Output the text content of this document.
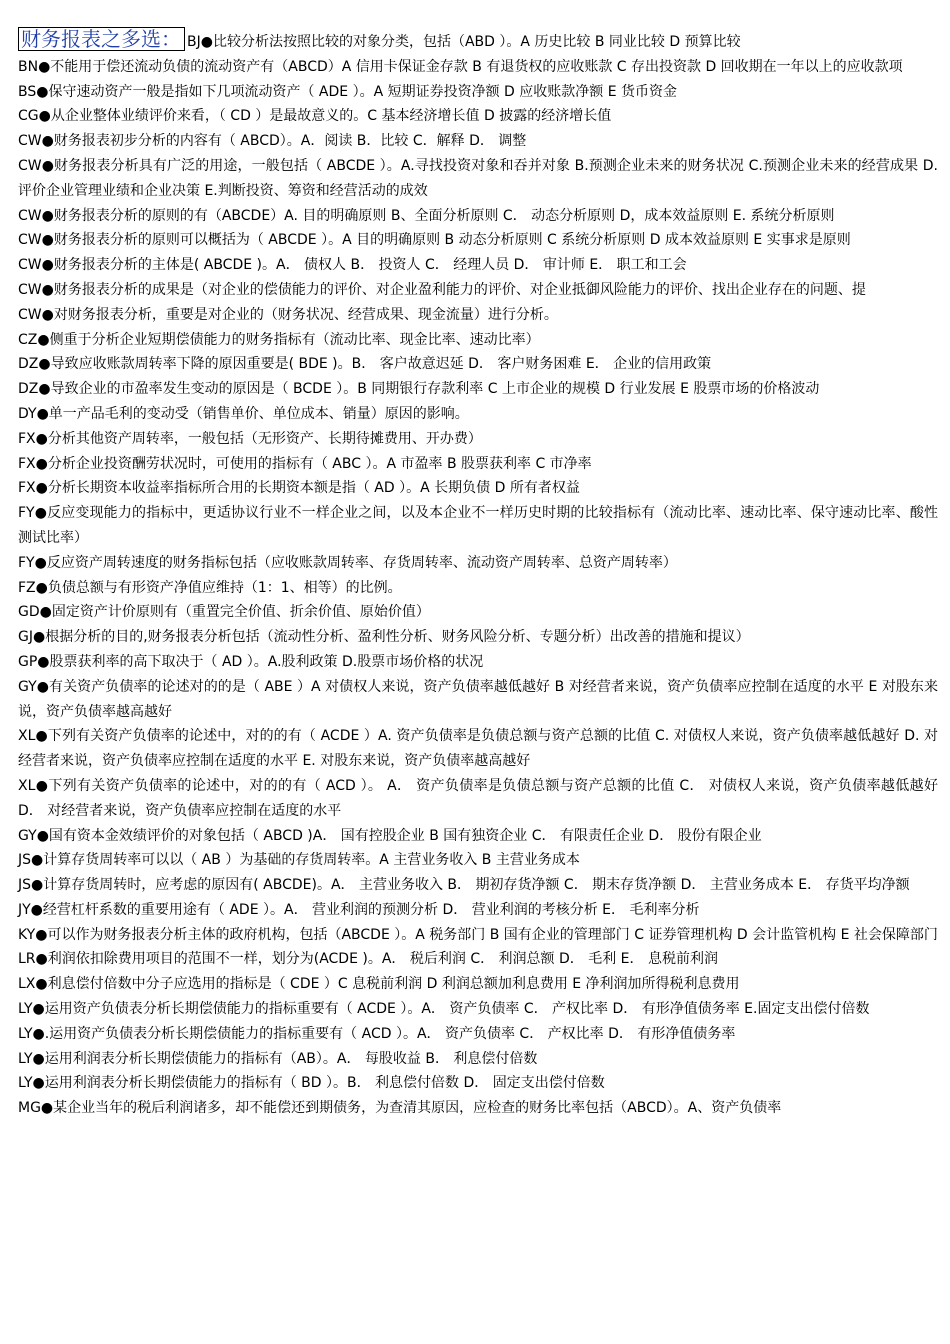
财务报表之多选： BJ●比较分析法按照比较的对象分类，包括（ABD ）。A 历史比较 B 同业比较 D 预算比较
BN●不能用于偿还流动负债的流动资产有（ABCD）A 信用卡保证金存款 B 有退货权的应收账款 C 存出投资款 D 回收期在一年以上的应收款项
BS●保守速动资产一般是指如下几项流动资产（ ADE ）。A 短期证券投资净额 D 应收账款净额 E 货币资金
CG●从企业整体业绩评价来看，（ CD ）是最故意义的。C 基本经济增长值 D 披露的经济增长值
CW●财务报表初步分析的内容有（ ABCD）。A．阅读 B．比较 C．解释 D． 调整
CW●财务报表分析具有广泛的用途，一般包括（ ABCDE ）。A.寻找投资对象和吞并对象 B.预测企业未来的财务状况 C.预测企业未来的经营成果 D. 评价企业管理业绩和企业决策 E.判断投资、筹资和经营活动的成效
CW●财务报表分析的原则的有（ABCDE）A. 目的明确原则 B、全面分析原则 C． 动态分析原则 D，成本效益原则 E. 系统分析原则
CW●财务报表分析的原则可以概括为（ ABCDE ）。A 目的明确原则 B 动态分析原则 C 系统分析原则 D 成本效益原则 E 实事求是原则
CW●财务报表分析的主体是( ABCDE )。A． 债权人 B． 投资人 C． 经理人员 D． 审计师 E． 职工和工会
CW●财务报表分析的成果是（对企业的偿债能力的评价、对企业盈利能力的评价、对企业抵御风险能力的评价、找出企业存在的问题、提
CW●对财务报表分析，重要是对企业的（财务状况、经营成果、现金流量）进行分析。
CZ●侧重于分析企业短期偿债能力的财务指标有（流动比率、现金比率、速动比率）
DZ●导致应收账款周转率下降的原因重要是( BDE )。B． 客户故意迟延 D． 客户财务困难 E． 企业的信用政策
DZ●导致企业的市盈率发生变动的原因是（ BCDE ）。B 同期银行存款利率 C 上市企业的规模 D 行业发展 E 股票市场的价格波动
DY●单一产品毛利的变动受（销售单价、单位成本、销量）原因的影响。
FX●分析其他资产周转率，一般包括（无形资产、长期待摊费用、开办费）
FX●分析企业投资酬劳状况时，可使用的指标有（ ABC ）。A 市盈率 B 股票获利率 C 市净率
FX●分析长期资本收益率指标所合用的长期资本额是指（ AD ）。A 长期负债 D 所有者权益
FY●反应变现能力的指标中，更适协议行业不一样企业之间，以及本企业不一样历史时期的比较指标有（流动比率、速动比率、保守速动比率、酸性测试比率）
FY●反应资产周转速度的财务指标包括（应收账款周转率、存货周转率、流动资产周转率、总资产周转率）
FZ●负债总额与有形资产净值应维持（1：1、相等）的比例。
GD●固定资产计价原则有（重置完全价值、折余价值、原始价值）
GJ●根据分析的目的,财务报表分析包括（流动性分析、盈利性分析、财务风险分析、专题分析）出改善的措施和提议）
GP●股票获利率的高下取决于（ AD ）。A.股利政策 D.股票市场价格的状况
GY●有关资产负债率的论述对的的是（ ABE ）A 对债权人来说，资产负债率越低越好 B 对经营者来说，资产负债率应控制在适度的水平 E 对股东来说，资产负债率越高越好
XL●下列有关资产负债率的论述中，对的的有（ ACDE ）A. 资产负债率是负债总额与资产总额的比值 C. 对债权人来说，资产负债率越低越好 D. 对经营者来说，资产负债率应控制在适度的水平 E. 对股东来说，资产负债率越高越好
XL●下列有关资产负债率的论述中，对的的有（ ACD ）。 A． 资产负债率是负债总额与资产总额的比值 C． 对债权人来说，资产负债率越低越好 D． 对经营者来说，资产负债率应控制在适度的水平
GY●国有资本金效绩评价的对象包括（ ABCD )A． 国有控股企业 B 国有独资企业 C． 有限责任企业 D． 股份有限企业
JS●计算存货周转率可以以（ AB ）为基础的存货周转率。A 主营业务收入 B 主营业务成本
JS●计算存货周转时，应考虑的原因有( ABCDE)。A． 主营业务收入 B． 期初存货净额 C． 期末存货净额 D． 主营业务成本 E． 存货平均净额
JY●经营杠杆系数的重要用途有（ ADE ）。A． 营业利润的预测分析 D． 营业利润的考核分析 E． 毛利率分析
KY●可以作为财务报表分析主体的政府机构，包括（ABCDE ）。A 税务部门 B 国有企业的管理部门 C 证券管理机构 D 会计监管机构 E 社会保障部门
LR●利润依扣除费用项目的范围不一样，划分为(ACDE )。A． 税后利润 C． 利润总额 D． 毛利 E． 息税前利润
LX●利息偿付倍数中分子应选用的指标是（ CDE ）C 息税前利润 D 利润总额加利息费用 E 净利润加所得税利息费用
LY●运用资产负债表分析长期偿债能力的指标重要有（ ACDE ）。A． 资产负债率 C． 产权比率 D． 有形净值债务率 E.固定支出偿付倍数
LY●.运用资产负债表分析长期偿债能力的指标重要有（ ACD ）。A． 资产负债率 C． 产权比率 D． 有形净值债务率
LY●运用利润表分析长期偿债能力的指标有（AB）。A． 每股收益 B． 利息偿付倍数
LY●运用利润表分析长期偿债能力的指标有（ BD ）。B． 利息偿付倍数 D． 固定支出偿付倍数
MG●某企业当年的税后利润诸多，却不能偿还到期债务，为查清其原因，应检查的财务比率包括（ABCD）。A、资产负债率
